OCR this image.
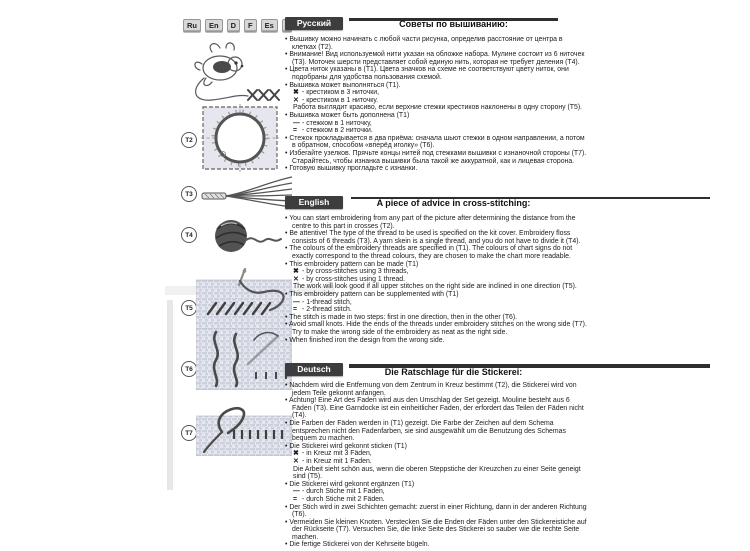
Ru	En	D	F	Es
T2
T3
T4
T5
T6
T7
Русский	Советы по вышиванию:
• Вышивку можно начинать с любой части рисунка, определив расстояние от центра в клетках (T2).
• Внимание! Вид используемой нити указан на обложке набора. Мулине состоит из 6 ниточек (T3). Моточек шерсти представляет собой единую нить, которая не требует деления (T4).
• Цвета ниток указаны в (T1). Цвета значков на схеме не соответствуют цвету ниток, они подобраны для удобства пользования схемой.
• Вышивка может выполняться (T1).
✖ - крестиком в 3 ниточки,
✕ - крестиком в 1 ниточку.
Работа выглядит красиво, если верхние стежки крестиков наклонены в одну сторону (T5).
• Вышивка может быть дополнена (T1)
— - стежком в 1 ниточку,
= - стежком в 2 ниточки.
• Стежок прокладывается в два приёма: сначала шьют стежки в одном направлении, а потом в обратном, способом «вперёд иголку» (T6).
• Избегайте узелков. Прячьте концы нитей под стежками вышивки с изнаночной стороны (T7). Старайтесь, чтобы изнанка вышивки была такой же аккуратной, как и лицевая сторона.
• Готовую вышивку прогладьте с изнанки.
English	A piece of advice in cross-stitching:
• You can start embroidering from any part of the picture after determining the distance from the centre to this part in crosses (T2).
• Be attentive! The type of the thread to be used is specified on the kit cover. Embroidery floss consists of 6 threads (T3). A yarn skein is a single thread, and you do not have to divide it (T4).
• The colours of the embroidery threads are specified in (T1). The colours of chart signs do not exactly correspond to the thread colours, they are chosen to make the chart more readable.
• This embroidery pattern can be made (T1)
✖ - by cross-stitches using 3 threads,
✕ - by cross-stitches using 1 thread.
The work will look good if all upper stitches on the right side are inclined in one direction (T5).
• This embroidery pattern can be supplemented with (T1)
— - 1-thread stitch,
= - 2-thread stitch.
• The stitch is made in two steps: first in one direction, then in the other (T6).
• Avoid small knots. Hide the ends of the threads under embroidery stitches on the wrong side (T7). Try to make the wrong side of the embroidery as neat as the right side.
• When finished iron the design from the wrong side.
Deutsch	Die Ratschlage für die Stickerei:
• Nachdem wird die Entfernung von dem Zentrum in Kreuz bestimmt (T2), die Stickerei wird von jedem Teile gekonnt anfangen.
• Achtung! Eine Art des Faden wird aus den Umschlag der Set gezeigt. Mouline besteht aus 6 Fäden (T3). Eine Garndocke ist ein einheitlicher Faden, der erfordert das Teilen der Fäden nicht (T4).
• Die Farben der Fäden werden in (T1) gezeigt. Die Farbe der Zeichen auf dem Schema entsprechen nicht den Fadenfarben, sie sind ausgewählt um die Benutzung des Schemas bequem zu machen.
• Die Stickerei wird gekonnt sticken (T1)
✖ - in Kreuz mit 3 Fäden,
✕ - in Kreuz mit 1 Faden.
Die Arbeit sieht schön aus, wenn die oberen Steppstiche der Kreuzchen zu einer Seite geneigt sind (T5).
• Die Stickerei wird gekonnt ergänzen (T1)
— - durch Stiche mit 1 Faden,
= - durch Stiche mit 2 Fäden.
• Der Stich wird in zwei Schichten gemacht: zuerst in einer Richtung, dann in der anderen Richtung (T6).
• Vermeiden Sie kleinen Knoten. Verstecken Sie die Enden der Fäden unter den Stickereistiche auf der Rückseite (T7). Versuchen Sie, die linke Seite des Stickerei so sauber wie die rechte Seite machen.
• Die fertige Stickerei von der Kehrseite bügeln.
